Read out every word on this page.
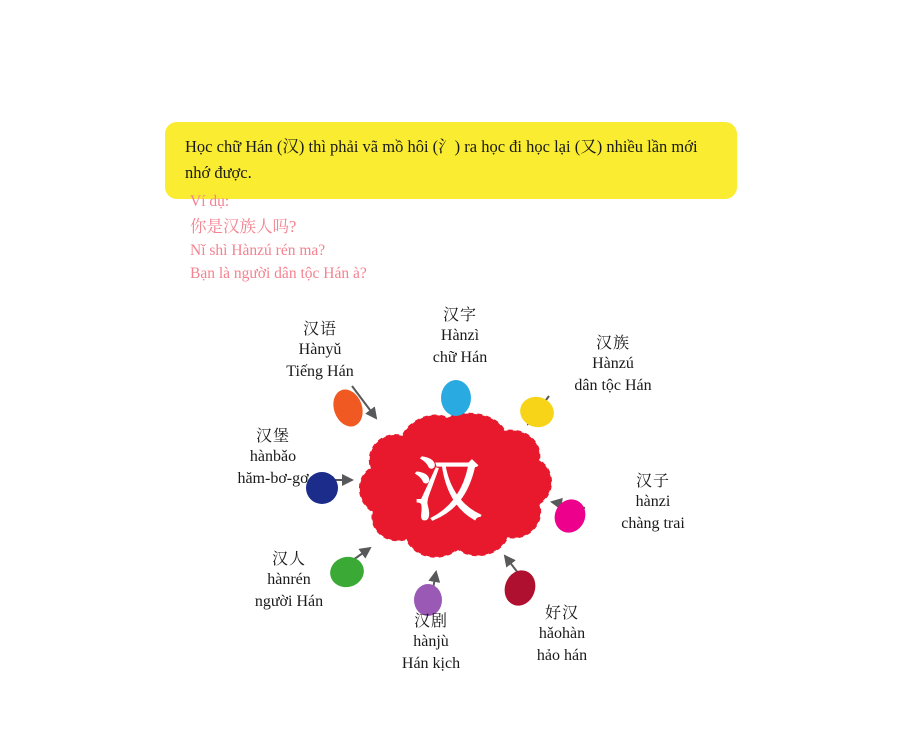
Học chữ Hán (汉) thì phải vã mồ hôi (氵) ra học đi học lại (又) nhiều lần mới nhớ được.
Ví dụ:
你是汉族人吗?
Nǐ shì Hànzú rén ma?
Bạn là người dân tộc Hán à?
汉
汉语
Hànyǔ
Tiếng Hán
汉字
Hànzì
chữ Hán
汉族
Hànzú
dân tộc Hán
汉堡
hànbǎo
hăm-bơ-gơ	汉子
hànzi
chàng trai
汉人
hànrén
người Hán
汉剧
hànjù
Hán kịch
好汉
hǎohàn
hảo hán
